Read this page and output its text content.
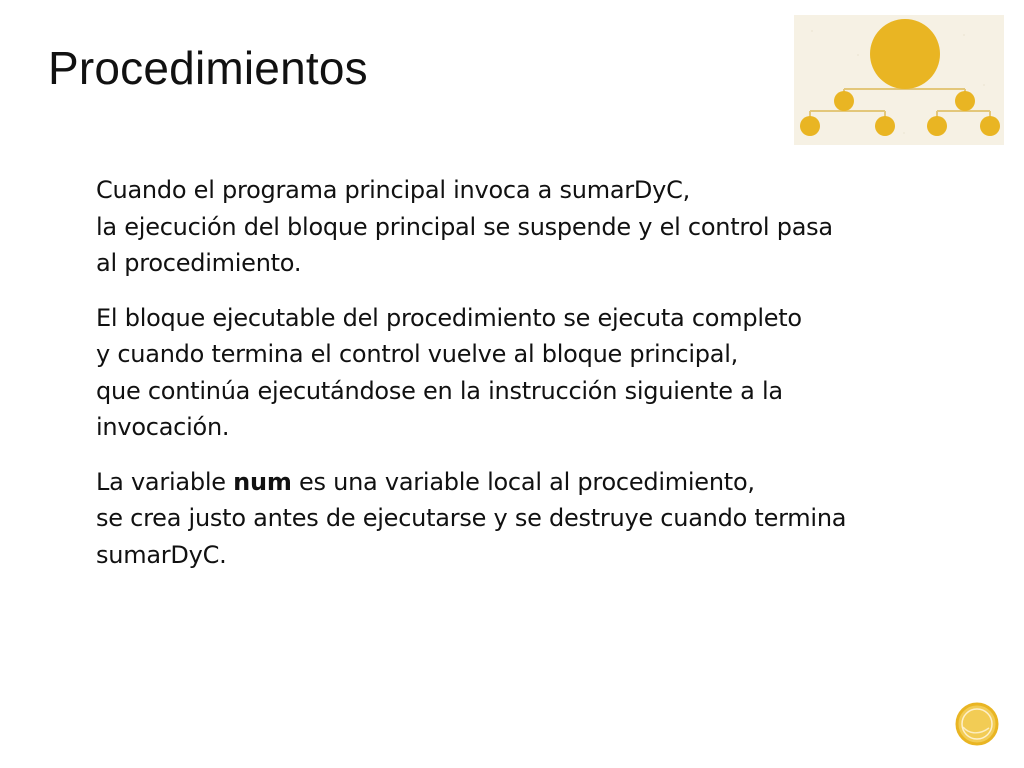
Procedimientos

Cuando el programa principal invoca a sumarDyC,
la ejecución del bloque principal se suspende y el control pasa
al procedimiento.

El bloque ejecutable del procedimiento se ejecuta completo
y cuando termina el control vuelve al bloque principal,
que continúa ejecutándose en la instrucción siguiente a la
invocación.

La variable num es una variable local al procedimiento,
se crea justo antes de ejecutarse y se destruye cuando termina
sumarDyC.
